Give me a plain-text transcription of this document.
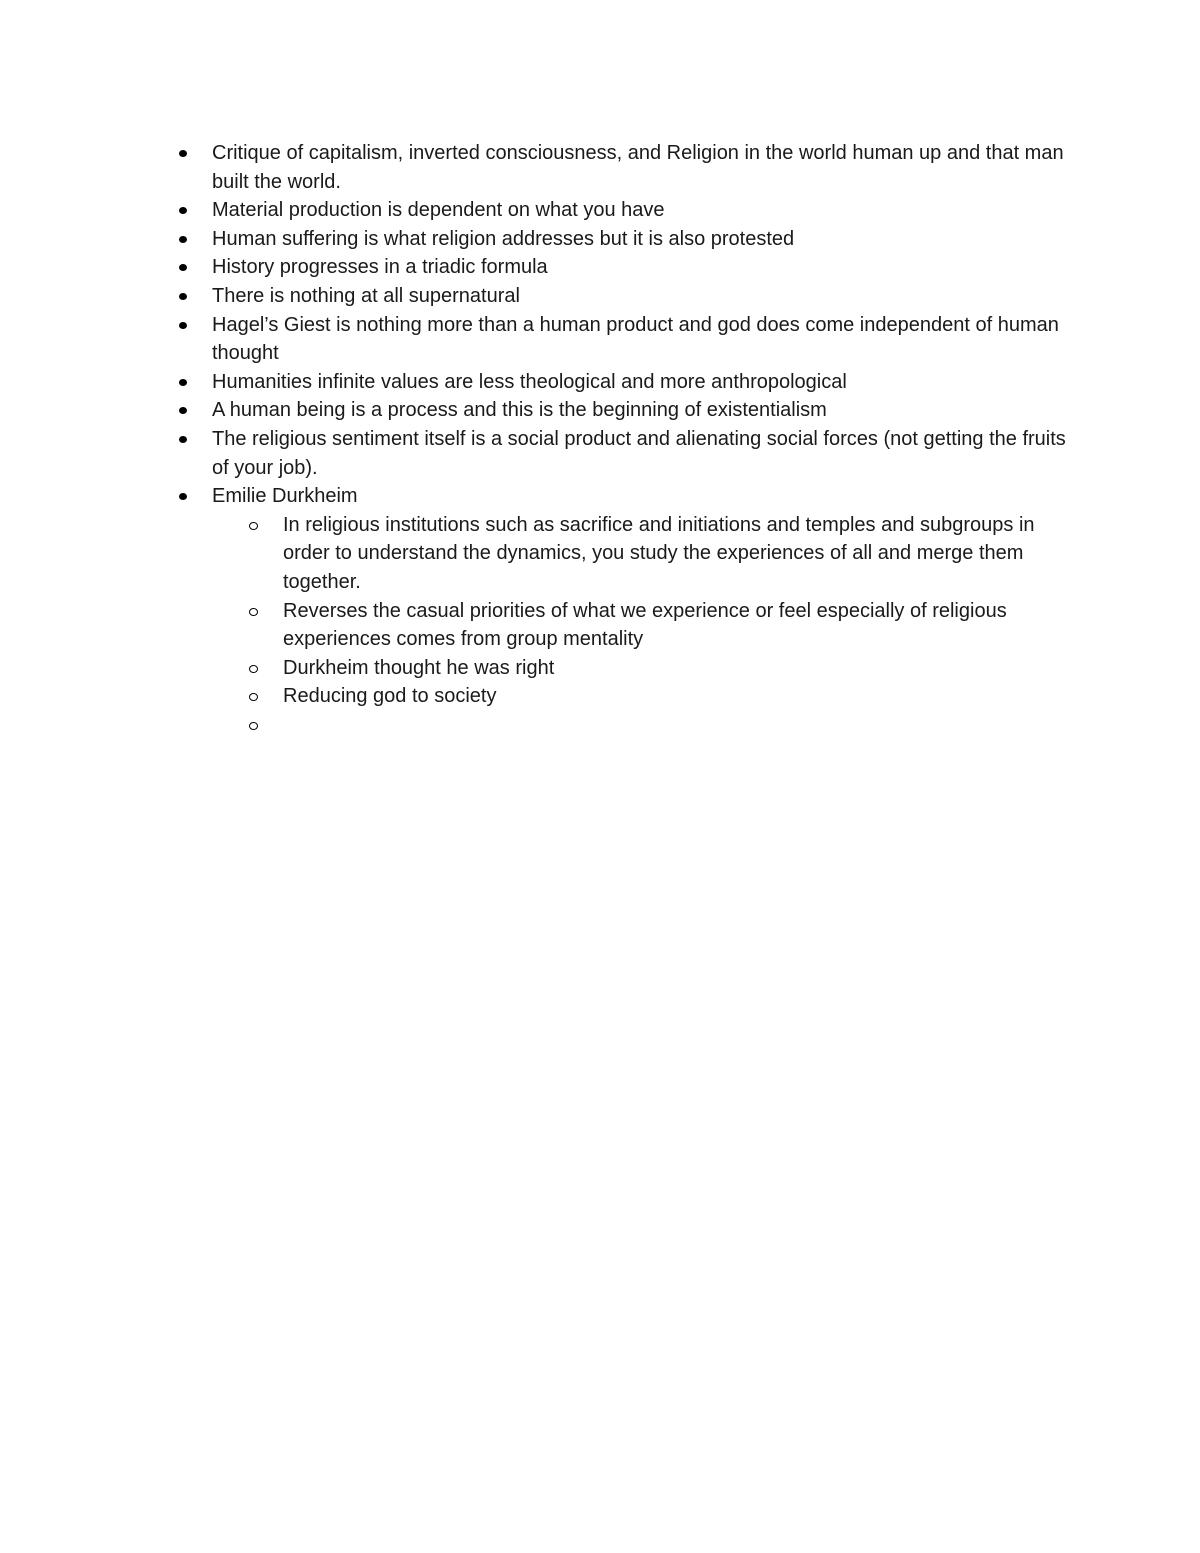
Critique of capitalism, inverted consciousness, and Religion in the world human up and that man built the world.
Material production is dependent on what you have
Human suffering is what religion addresses but it is also protested
History progresses in a triadic formula
There is nothing at all supernatural
Hagel’s Giest is nothing more than a human product and god does come independent of human thought
Humanities infinite values are less theological and more anthropological
A human being is a process and this is the beginning of existentialism
The religious sentiment itself is a social product and alienating social forces (not getting the fruits of your job).
Emilie Durkheim
In religious institutions such as sacrifice and initiations and temples and subgroups in order to understand the dynamics, you study the experiences of all and merge them together.
Reverses the casual priorities of what we experience or feel especially of religious experiences comes from group mentality
Durkheim thought he was right
Reducing god to society
